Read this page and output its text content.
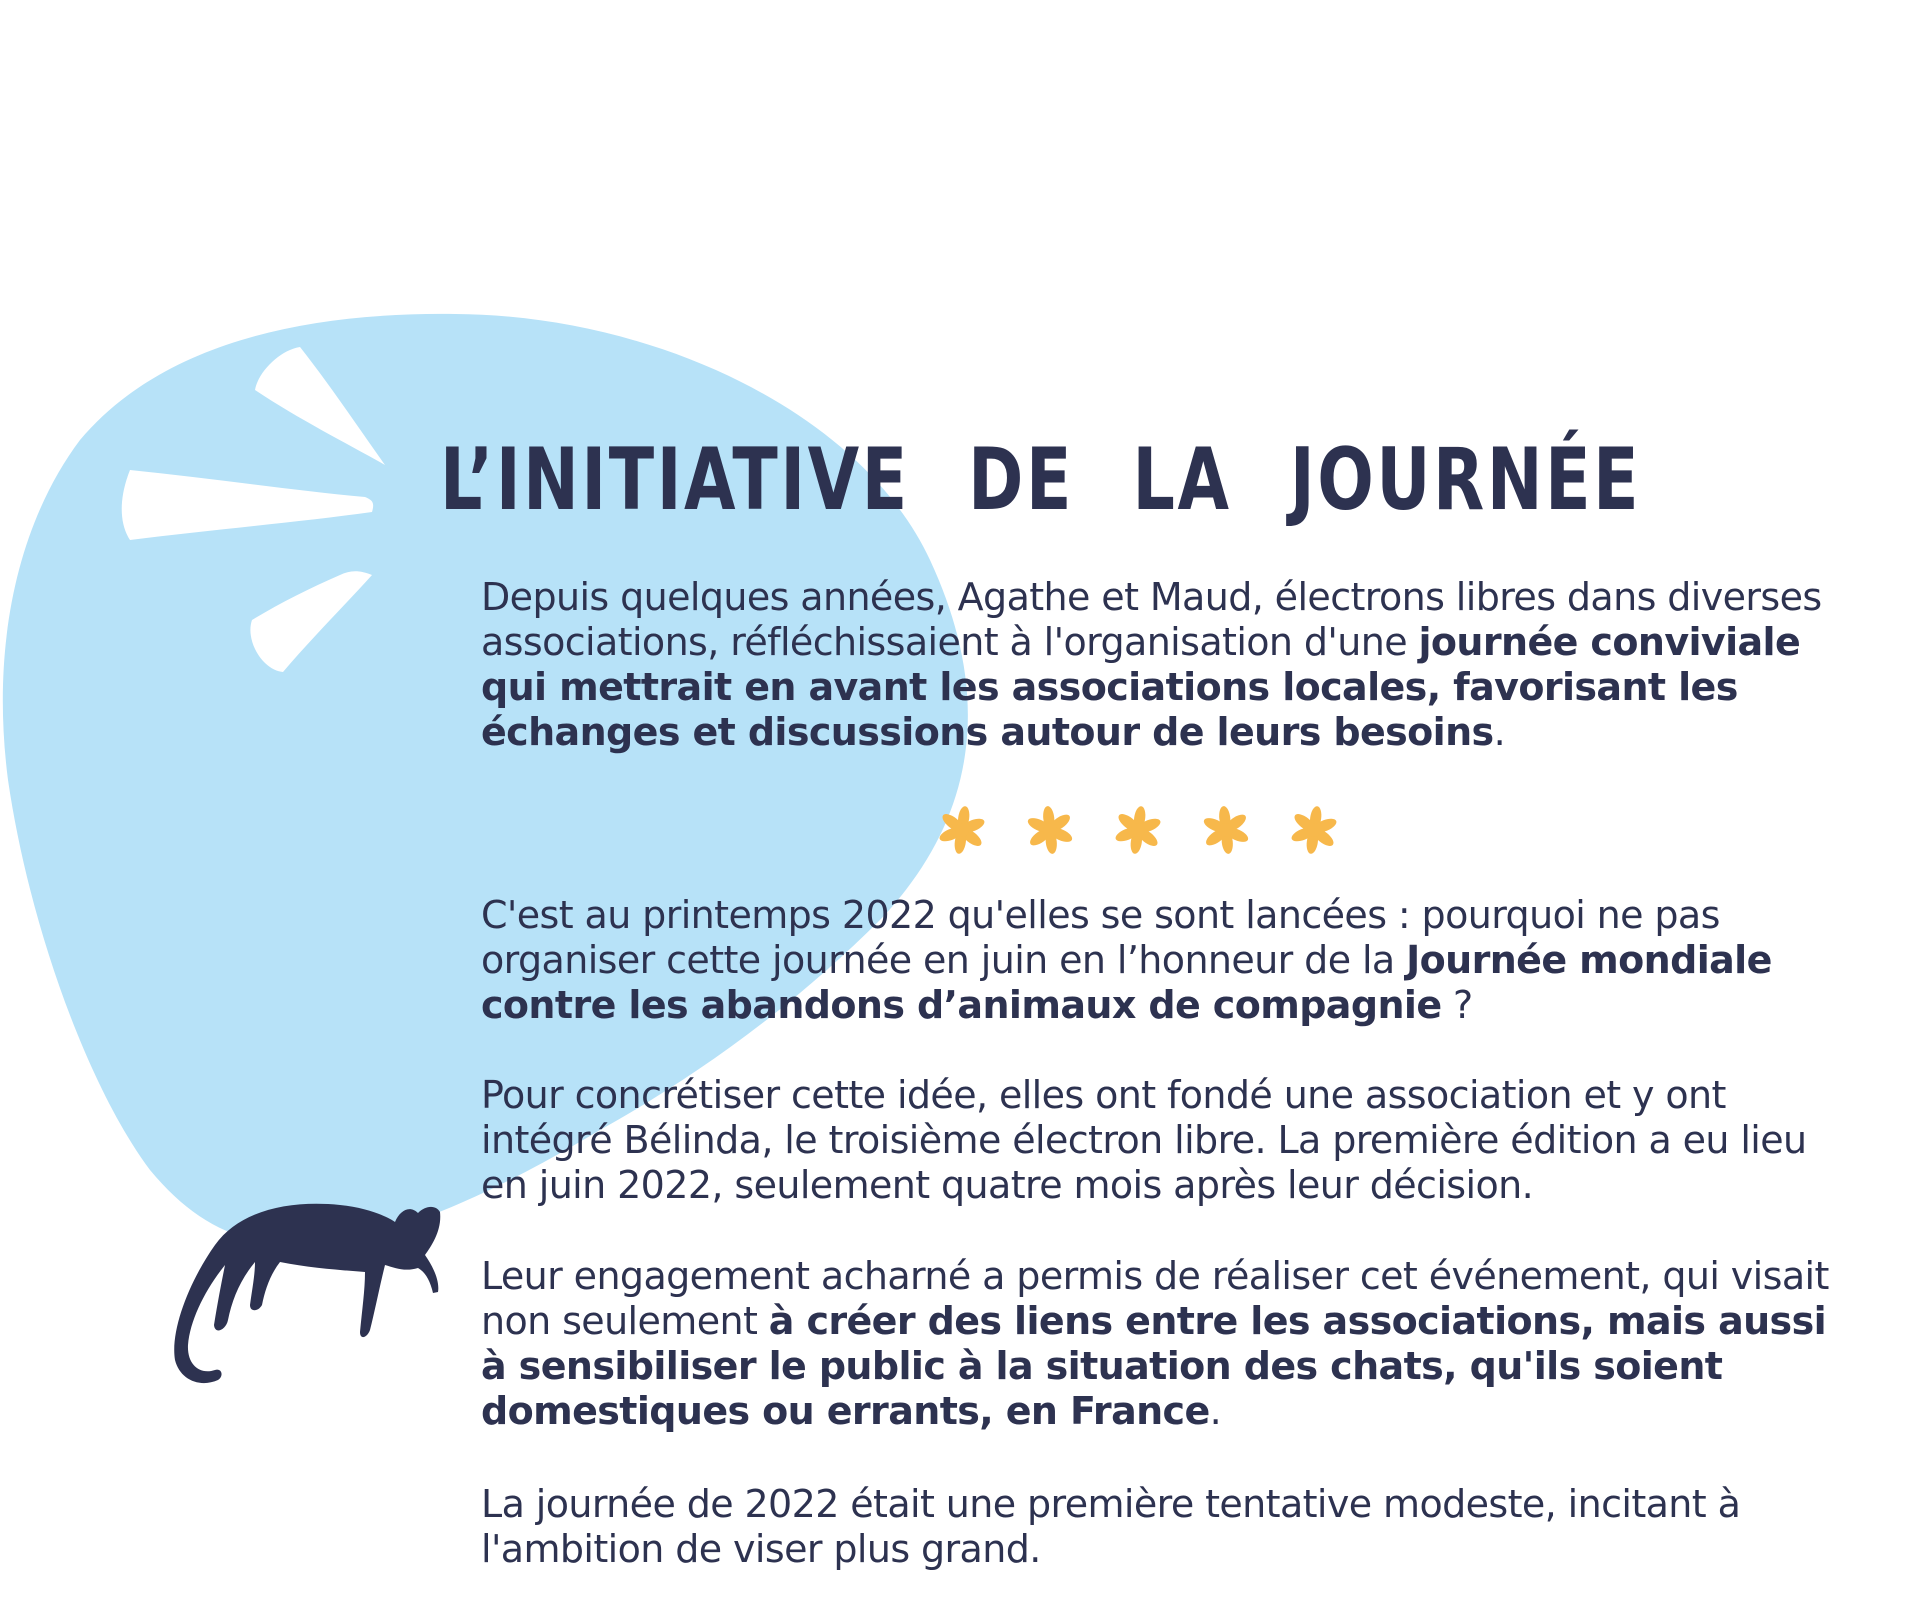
L’INITIATIVE DE LA JOURNÉE

Depuis quelques années, Agathe et Maud, électrons libres dans diverses associations, réfléchissaient à l'organisation d'une journée conviviale qui mettrait en avant les associations locales, favorisant les échanges et discussions autour de leurs besoins.

C'est au printemps 2022 qu'elles se sont lancées : pourquoi ne pas organiser cette journée en juin en l’honneur de la Journée mondiale contre les abandons d’animaux de compagnie ?

Pour concrétiser cette idée, elles ont fondé une association et y ont intégré Bélinda, le troisième électron libre. La première édition a eu lieu en juin 2022, seulement quatre mois après leur décision.

Leur engagement acharné a permis de réaliser cet événement, qui visait non seulement à créer des liens entre les associations, mais aussi à sensibiliser le public à la situation des chats, qu'ils soient domestiques ou errants, en France.

La journée de 2022 était une première tentative modeste, incitant à l'ambition de viser plus grand.
